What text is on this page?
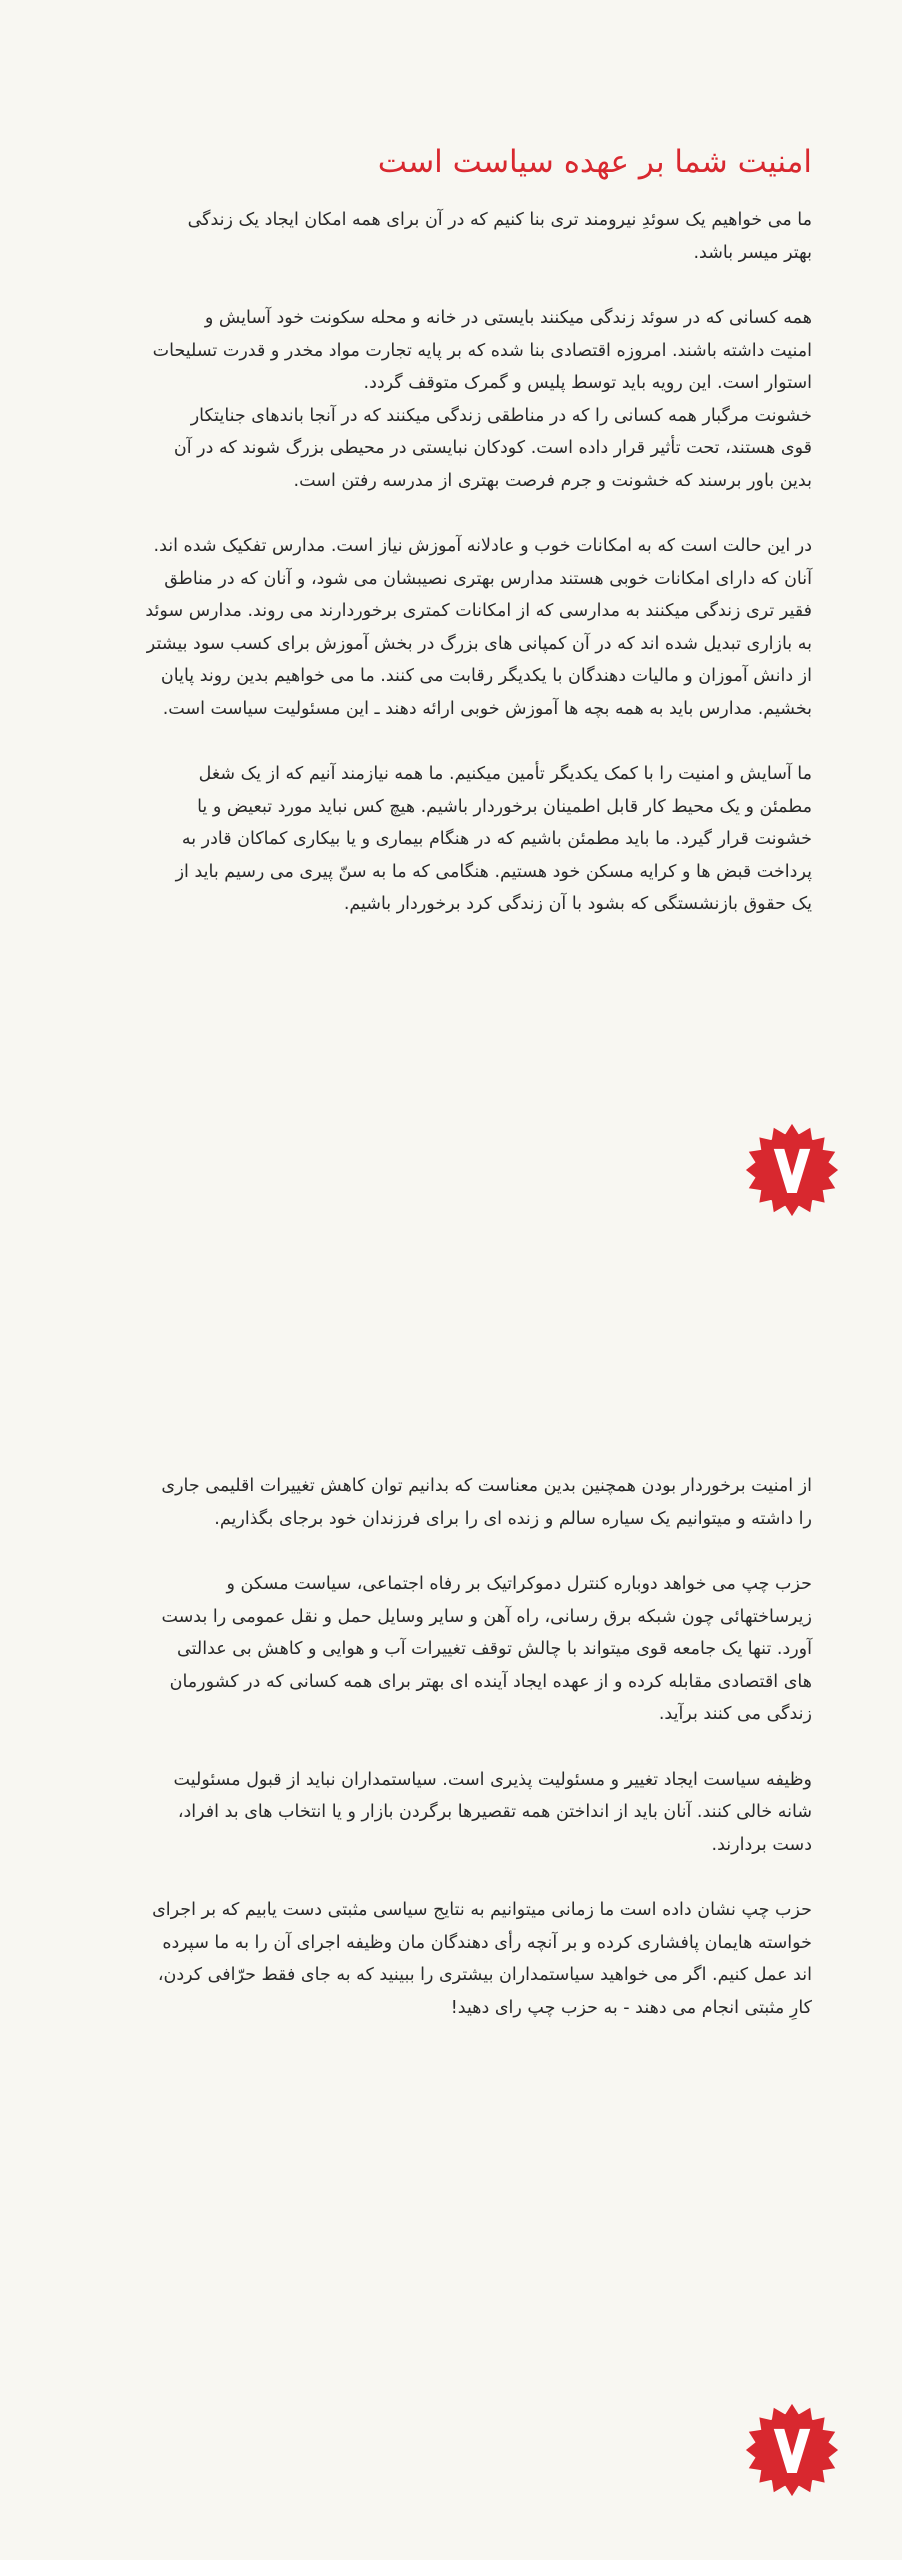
امنیت شما بر عهده سیاست است

ما می خواهیم یک سوئدِ نیرومند تری بنا کنیم که در آن برای همه امکان ایجاد یک زندگی
بهتر میسر باشد.

همه کسانی که در سوئد زندگی میکنند بایستی در خانه و محله سکونت خود آسایش و
امنیت داشته باشند. امروزه اقتصادی بنا شده که بر پایه تجارت مواد مخدر و قدرت تسلیحات
استوار است. این رویه باید توسط پلیس و گمرک متوقف گردد.
خشونت مرگبار همه کسانی را که در مناطقی زندگی میکنند که در آنجا باندهای جنایتکار
قوی هستند، تحت تأثیر قرار داده است. کودکان نبایستی در محیطی بزرگ شوند که در آن
بدین باور برسند که خشونت و جرم فرصت بهتری از مدرسه رفتن است.

در این حالت است که به امکانات خوب و عادلانه آموزش نیاز است. مدارس تفکیک شده اند.
آنان که دارای امکانات خوبی هستند مدارس بهتری نصیبشان می شود، و آنان که در مناطق
فقیر تری زندگی میکنند به مدارسی که از امکانات کمتری برخوردارند می روند. مدارس سوئد
به بازاری تبدیل شده اند که در آن کمپانی های بزرگ در بخش آموزش برای کسب سود بیشتر
از دانش آموزان و مالیات دهندگان با یکدیگر رقابت می کنند. ما می خواهیم بدین روند پایان
بخشیم. مدارس باید به همه بچه ها آموزش خوبی ارائه دهند ـ این مسئولیت سیاست است.

ما آسایش و امنیت را با کمک یکدیگر تأمین میکنیم. ما همه نیازمند آنیم که از یک شغل
مطمئن و یک محیط کار قابل اطمینان برخوردار باشیم. هیچ کس نباید مورد تبعیض و یا
خشونت قرار گیرد. ما باید مطمئن باشیم که در هنگام بیماری و یا بیکاری کماکان قادر به
پرداخت قبض ها و کرایه مسکن خود هستیم. هنگامی که ما به سنّ پیری می رسیم باید از
یک حقوق بازنشستگی که بشود با آن زندگی کرد برخوردار باشیم.

از امنیت برخوردار بودن همچنین بدین معناست که بدانیم توان کاهش تغییرات اقلیمی جاری
را داشته و میتوانیم یک سیاره سالم و زنده ای را برای فرزندان خود برجای بگذاریم.

حزب چپ می خواهد دوباره کنترل دموکراتیک بر رفاه اجتماعی، سیاست مسکن و
زیرساختهائی چون شبکه برق رسانی، راه آهن و سایر وسایل حمل و نقل عمومی را بدست
آورد. تنها یک جامعه قوی میتواند با چالش توقف تغییرات آب و هوایی و کاهش بی عدالتی
های اقتصادی مقابله کرده و از عهده ایجاد آینده ای بهتر برای همه کسانی که در کشورمان
زندگی می کنند برآید.

وظیفه سیاست ایجاد تغییر و مسئولیت پذیری است. سیاستمداران نباید از قبول مسئولیت
شانه خالی کنند. آنان باید از انداختن همه تقصیرها برگردن بازار و یا انتخاب های بد افراد،
دست بردارند.

حزب چپ نشان داده است ما زمانی میتوانیم به نتایج سیاسی مثبتی دست یابیم که بر اجرای
خواسته هایمان پافشاری کرده و بر آنچه رأی دهندگان مان وظیفه اجرای آن را به ما سپرده
اند عمل کنیم. اگر می خواهید سیاستمداران بیشتری را ببینید که به جای فقط حرّافی کردن،
کارِ مثبتی انجام می دهند - به حزب چپ رای دهید!
